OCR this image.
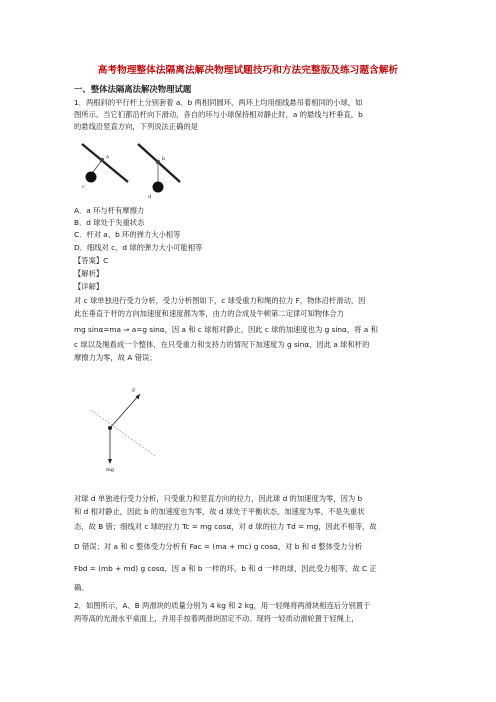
高考物理整体法隔离法解决物理试题技巧和方法完整版及练习题含解析
一、整体法隔离法解决物理试题
1．两根斜的平行杆上分别套着 a、b 两相同圆环，两环上均用细线悬吊着相同的小球，如
图所示。当它们都沿杆向下滑动，各自的环与小球保持相对静止时，a 的悬线与杆垂直，b
的悬线沿竖直方向，下列说法正确的是
a
c
b
d
A．a 环与杆有摩擦力
B．d 球处于失重状态
C．杆对 a、b 环的弹力大小相等
D．细线对 c、d 球的弹力大小可能相等
【答案】C
【解析】
【详解】
对 c 球单独进行受力分析，受力分析图如下，c 球受重力和绳的拉力 F，物体沿杆滑动，因
此在垂直于杆的方向加速度和速度都为零，由力的合成及牛顿第二定律可知物体合力
mg sinα=ma ⇒ a=g sinα，因 a 和 c 球相对静止，因此 c 球的加速度也为 g sinα，将 a 和
c 球以及绳看成一个整体，在只受重力和支持力的情况下加速度为 g sinα，因此 a 球和杆的
摩擦力为零，故 A 错误；
F
mg
对球 d 单独进行受力分析，只受重力和竖直方向的拉力，因此球 d 的加速度为零，因为 b
和 d 相对静止，因此 b 的加速度也为零，故 d 球处于平衡状态，加速度为零，不是失重状
态，故 B 错；细线对 c 球的拉力 Tc = mg cosα，对 d 球的拉力 Td = mg，因此不相等，故
D 错误；对 a 和 c 整体受力分析有 Fac = (ma + mc) g cosα，对 b 和 d 整体受力分析
Fbd = (mb + md) g cosα，因 a 和 b 一样的环，b 和 d 一样的球，因此受力相等，故 C 正
确。
2．如图所示，A、B 两滑块的质量分别为 4 kg 和 2 kg，用一轻绳将两滑块相连后分别置于
两等高的光滑水平桌面上，并用手按着两滑块固定不动。现将一轻质动滑轮置于轻绳上，
